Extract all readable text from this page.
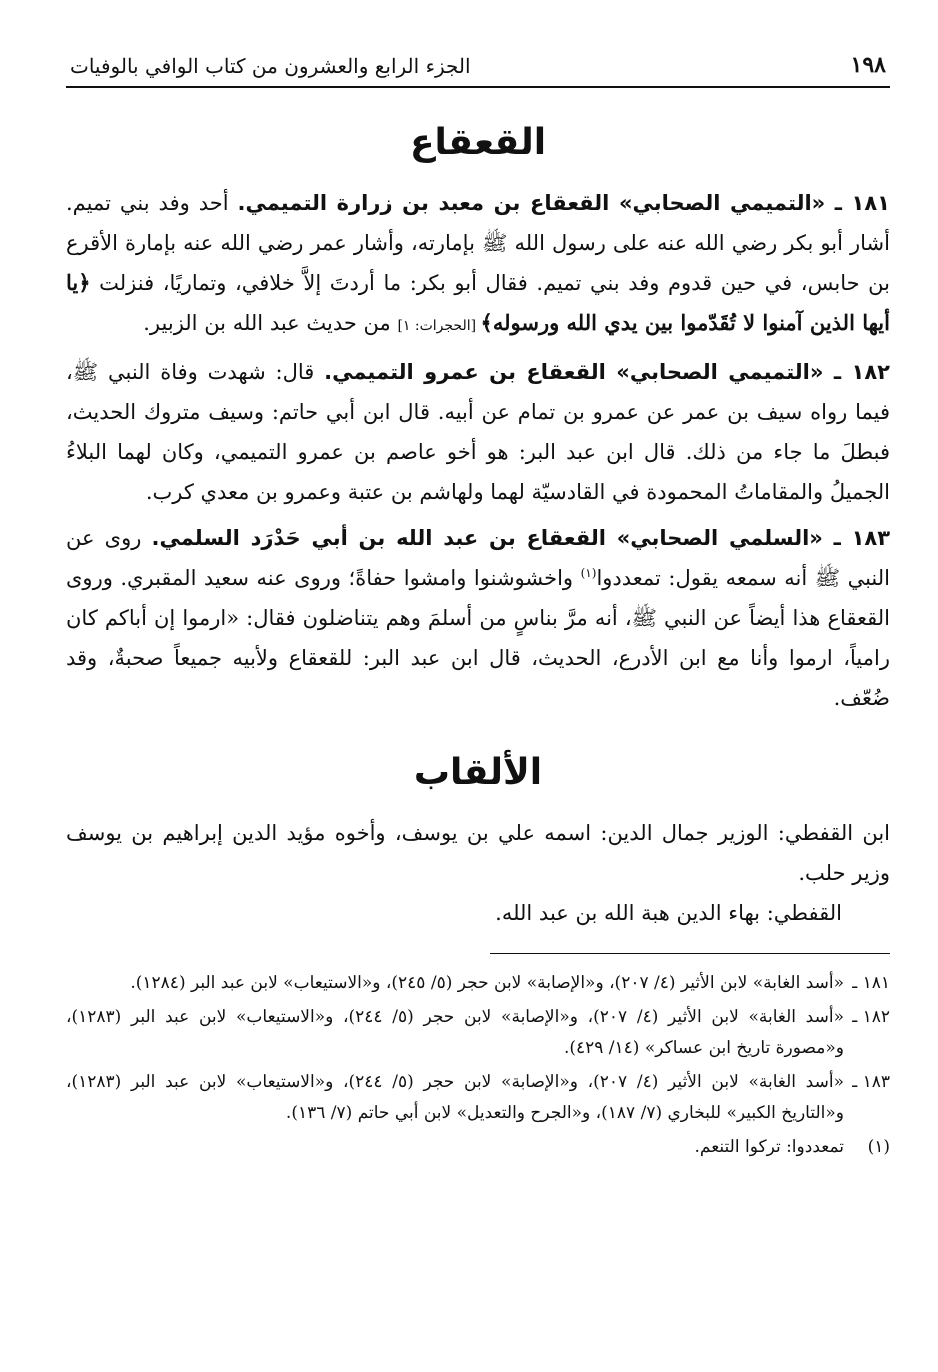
١٩٨
الجزء الرابع والعشرون من كتاب الوافي بالوفيات
القعقاع

١٨١ ـ «التميمي الصحابي» القعقاع بن معبد بن زرارة التميمي. أحد وفد بني تميم. أشار أبو بكر رضي الله عنه على رسول الله ﷺ بإمارته، وأشار عمر رضي الله عنه بإمارة الأقرع بن حابس، في حين قدوم وفد بني تميم. فقال أبو بكر: ما أردتَ إلاَّ خلافي، وتماريًا، فنزلت ﴿يا أيها الذين آمنوا لا تُقَدّموا بين يدي الله ورسوله﴾ [الحجرات: ١] من حديث عبد الله بن الزبير.

١٨٢ ـ «التميمي الصحابي» القعقاع بن عمرو التميمي. قال: شهدت وفاة النبي ﷺ، فيما رواه سيف بن عمر عن عمرو بن تمام عن أبيه. قال ابن أبي حاتم: وسيف متروك الحديث، فبطلَ ما جاء من ذلك. قال ابن عبد البر: هو أخو عاصم بن عمرو التميمي، وكان لهما البلاءُ الجميلُ والمقاماتُ المحمودة في القادسيّة لهما ولهاشم بن عتبة وعمرو بن معدي كرب.

١٨٣ ـ «السلمي الصحابي» القعقاع بن عبد الله بن أبي حَدْرَد السلمي. روى عن النبي ﷺ أنه سمعه يقول: تمعددوا$^{(١)}$ واخشوشنوا وامشوا حفاةً؛ وروى عنه سعيد المقبري. وروى القعقاع هذا أيضاً عن النبي ﷺ، أنه مرَّ بناسٍ من أسلمَ وهم يتناضلون فقال: «ارموا إن أباكم كان رامياً، ارموا وأنا مع ابن الأدرع، الحديث، قال ابن عبد البر: للقعقاع ولأبيه جميعاً صحبةٌ، وقد ضُعّف.

الألقاب

ابن القفطي: الوزير جمال الدين: اسمه علي بن يوسف، وأخوه مؤيد الدين إبراهيم بن يوسف وزير حلب.

القفطي: بهاء الدين هبة الله بن عبد الله.

١٨١ ـ
«أسد الغابة» لابن الأثير (٤/ ٢٠٧)، و«الإصابة» لابن حجر (٥/ ٢٤٥)، و«الاستيعاب» لابن عبد البر (١٢٨٤).
١٨٢ ـ
«أسد الغابة» لابن الأثير (٤/ ٢٠٧)، و«الإصابة» لابن حجر (٥/ ٢٤٤)، و«الاستيعاب» لابن عبد البر (١٢٨٣)، و«مصورة تاريخ ابن عساكر» (١٤/ ٤٢٩).
١٨٣ ـ
«أسد الغابة» لابن الأثير (٤/ ٢٠٧)، و«الإصابة» لابن حجر (٥/ ٢٤٤)، و«الاستيعاب» لابن عبد البر (١٢٨٣)، و«التاريخ الكبير» للبخاري (٧/ ١٨٧)، و«الجرح والتعديل» لابن أبي حاتم (٧/ ١٣٦).
(١)
تمعددوا: تركوا التنعم.
